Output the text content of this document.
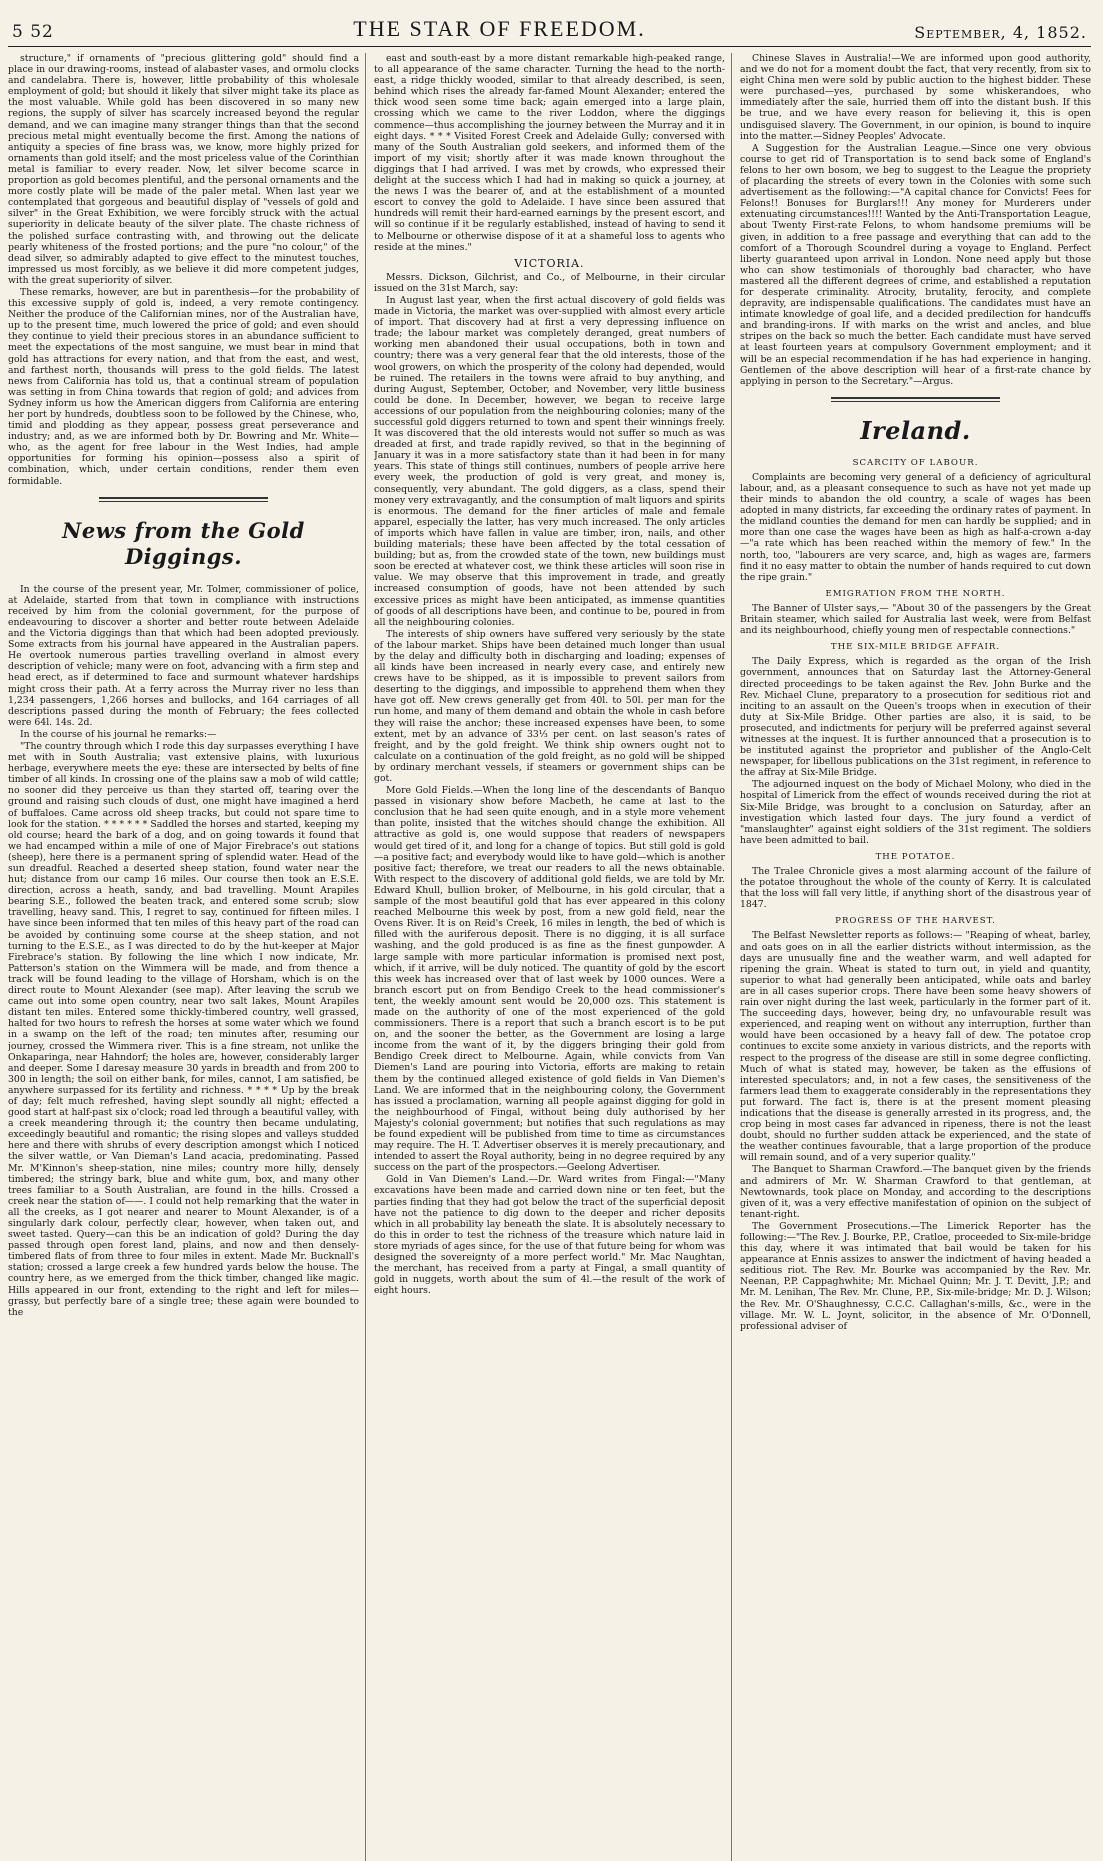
5 52	THE STAR OF FREEDOM.	September, 4, 1852.

structure," if ornaments of "precious glittering gold" should find a place in our drawing-rooms, instead of alabaster vases, and ormolu clocks and candelabra. There is, however, little probability of this wholesale employment of gold; but should it likely that silver might take its place as the most valuable. While gold has been discovered in so many new regions, the supply of silver has scarcely increased beyond the regular demand, and we can imagine many stranger things than that the second precious metal might eventually become the first. Among the nations of antiquity a species of fine brass was, we know, more highly prized for ornaments than gold itself; and the most priceless value of the Corinthian metal is familiar to every reader. Now, let silver become scarce in proportion as gold becomes plentiful, and the personal ornaments and the more costly plate will be made of the paler metal. When last year we contemplated that gorgeous and beautiful display of "vessels of gold and silver" in the Great Exhibition, we were forcibly struck with the actual superiority in delicate beauty of the silver plate. The chaste richness of the polished surface contrasting with, and throwing out the delicate pearly whiteness of the frosted portions; and the pure "no colour," of the dead silver, so admirably adapted to give effect to the minutest touches, impressed us most forcibly, as we believe it did more competent judges, with the great superiority of silver.

These remarks, however, are but in parenthesis—for the probability of this excessive supply of gold is, indeed, a very remote contingency. Neither the produce of the Californian mines, nor of the Australian have, up to the present time, much lowered the price of gold; and even should they continue to yield their precious stores in an abundance sufficient to meet the expectations of the most sanguine, we must bear in mind that gold has attractions for every nation, and that from the east, and west, and farthest north, thousands will press to the gold fields. The latest news from California has told us, that a continual stream of population was setting in from China towards that region of gold; and advices from Sydney inform us how the American diggers from California are entering her port by hundreds, doubtless soon to be followed by the Chinese, who, timid and plodding as they appear, possess great perseverance and industry; and, as we are informed both by Dr. Bowring and Mr. White—who, as the agent for free labour in the West Indies, had ample opportunities for forming his opinion—possess also a spirit of combination, which, under certain conditions, render them even formidable.

News from the Gold Diggings.

In the course of the present year, Mr. Tolmer, commissioner of police, at Adelaide, started from that town in compliance with instructions received by him from the colonial government, for the purpose of endeavouring to discover a shorter and better route between Adelaide and the Victoria diggings than that which had been adopted previously. Some extracts from his journal have appeared in the Australian papers. He overtook numerous parties travelling overland in almost every description of vehicle; many were on foot, advancing with a firm step and head erect, as if determined to face and surmount whatever hardships might cross their path. At a ferry across the Murray river no less than 1,234 passengers, 1,266 horses and bullocks, and 164 carriages of all descriptions passed during the month of February; the fees collected were 64l. 14s. 2d.

In the course of his journal he remarks:—

"The country through which I rode this day surpasses everything I have met with in South Australia; vast extensive plains, with luxurious herbage, everywhere meets the eye: these are intersected by belts of fine timber of all kinds. In crossing one of the plains saw a mob of wild cattle; no sooner did they perceive us than they started off, tearing over the ground and raising such clouds of dust, one might have imagined a herd of buffaloes. Came across old sheep tracks, but could not spare time to look for the station. * * * * * * Saddled the horses and started, keeping my old course; heard the bark of a dog, and on going towards it found that we had encamped within a mile of one of Major Firebrace's out stations (sheep), here there is a permanent spring of splendid water. Head of the sun dreadful. Reached a deserted sheep station, found water near the hut; distance from our camp 16 miles. Our course then took an E.S.E. direction, across a heath, sandy, and bad travelling. Mount Arapiles bearing S.E., followed the beaten track, and entered some scrub; slow travelling, heavy sand. This, I regret to say, continued for fifteen miles. I have since been informed that ten miles of this heavy part of the road can be avoided by continuing some course at the sheep station, and not turning to the E.S.E., as I was directed to do by the hut-keeper at Major Firebrace's station. By following the line which I now indicate, Mr. Patterson's station on the Wimmera will be made, and from thence a track will be found leading to the village of Horsham, which is on the direct route to Mount Alexander (see map). After leaving the scrub we came out into some open country, near two salt lakes, Mount Arapiles distant ten miles. Entered some thickly-timbered country, well grassed, halted for two hours to refresh the horses at some water which we found in a swamp on the left of the road; ten minutes after, resuming our journey, crossed the Wimmera river. This is a fine stream, not unlike the Onkaparinga, near Hahndorf; the holes are, however, considerably larger and deeper. Some I daresay measure 30 yards in breadth and from 200 to 300 in length; the soil on either bank, for miles, cannot, I am satisfied, be anywhere surpassed for its fertility and richness. * * * * Up by the break of day; felt much refreshed, having slept soundly all night; effected a good start at half-past six o'clock; road led through a beautiful valley, with a creek meandering through it; the country then became undulating, exceedingly beautiful and romantic; the rising slopes and valleys studded here and there with shrubs of every description amongst which I noticed the silver wattle, or Van Dieman's Land acacia, predominating. Passed Mr. M'Kinnon's sheep-station, nine miles; country more hilly, densely timbered; the stringy bark, blue and white gum, box, and many other trees familiar to a South Australian, are found in the hills. Crossed a creek near the station of——. I could not help remarking that the water in all the creeks, as I got nearer and nearer to Mount Alexander, is of a singularly dark colour, perfectly clear, however, when taken out, and sweet tasted. Query—can this be an indication of gold? During the day passed through open forest land, plains, and now and then densely-timbered flats of from three to four miles in extent. Made Mr. Bucknall's station; crossed a large creek a few hundred yards below the house. The country here, as we emerged from the thick timber, changed like magic. Hills appeared in our front, extending to the right and left for miles—grassy, but perfectly bare of a single tree; these again were bounded to the

east and south-east by a more distant remarkable high-peaked range, to all appearance of the same character. Turning the head to the north-east, a ridge thickly wooded, similar to that already described, is seen, behind which rises the already far-famed Mount Alexander; entered the thick wood seen some time back; again emerged into a large plain, crossing which we came to the river Loddon, where the diggings commence—thus accomplishing the journey between the Murray and it in eight days. * * * Visited Forest Creek and Adelaide Gully; conversed with many of the South Australian gold seekers, and informed them of the import of my visit; shortly after it was made known throughout the diggings that I had arrived. I was met by crowds, who expressed their delight at the success which I had had in making so quick a journey, at the news I was the bearer of, and at the establishment of a mounted escort to convey the gold to Adelaide. I have since been assured that hundreds will remit their hard-earned earnings by the present escort, and will so continue if it be regularly established, instead of having to send it to Melbourne or otherwise dispose of it at a shameful loss to agents who reside at the mines."

VICTORIA.

Messrs. Dickson, Gilchrist, and Co., of Melbourne, in their circular issued on the 31st March, say:

In August last year, when the first actual discovery of gold fields was made in Victoria, the market was over-supplied with almost every article of import. That discovery had at first a very depressing influence on trade; the labour market was completely deranged, great numbers of working men abandoned their usual occupations, both in town and country; there was a very general fear that the old interests, those of the wool growers, on which the prosperity of the colony had depended, would be ruined. The retailers in the towns were afraid to buy anything, and during August, September, October, and November, very little business could be done. In December, however, we began to receive large accessions of our population from the neighbouring colonies; many of the successful gold diggers returned to town and spent their winnings freely. It was discovered that the old interests would not suffer so much as was dreaded at first, and trade rapidly revived, so that in the beginning of January it was in a more satisfactory state than it had been in for many years. This state of things still continues, numbers of people arrive here every week, the production of gold is very great, and money is, consequently, very abundant. The gold diggers, as a class, spend their money very extravagantly, and the consumption of malt liquors and spirits is enormous. The demand for the finer articles of male and female apparel, especially the latter, has very much increased. The only articles of imports which have fallen in value are timber, iron, nails, and other building materials; these have been affected by the total cessation of building; but as, from the crowded state of the town, new buildings must soon be erected at whatever cost, we think these articles will soon rise in value. We may observe that this improvement in trade, and greatly increased consumption of goods, have not been attended by such excessive prices as might have been anticipated, as immense quantities of goods of all descriptions have been, and continue to be, poured in from all the neighbouring colonies.

The interests of ship owners have suffered very seriously by the state of the labour market. Ships have been detained much longer than usual by the delay and difficulty both in discharging and loading; expenses of all kinds have been increased in nearly every case, and entirely new crews have to be shipped, as it is impossible to prevent sailors from deserting to the diggings, and impossible to apprehend them when they have got off. New crews generally get from 40l. to 50l. per man for the run home, and many of them demand and obtain the whole in cash before they will raise the anchor; these increased expenses have been, to some extent, met by an advance of 33⅓ per cent. on last season's rates of freight, and by the gold freight. We think ship owners ought not to calculate on a continuation of the gold freight, as no gold will be shipped by ordinary merchant vessels, if steamers or government ships can be got.

More Gold Fields.—When the long line of the descendants of Banquo passed in visionary show before Macbeth, he came at last to the conclusion that he had seen quite enough, and in a style more vehement than polite, insisted that the witches should change the exhibition. All attractive as gold is, one would suppose that readers of newspapers would get tired of it, and long for a change of topics. But still gold is gold—a positive fact; and everybody would like to have gold—which is another positive fact; therefore, we treat our readers to all the news obtainable. With respect to the discovery of additional gold fields, we are told by Mr. Edward Khull, bullion broker, of Melbourne, in his gold circular, that a sample of the most beautiful gold that has ever appeared in this colony reached Melbourne this week by post, from a new gold field, near the Ovens River. It is on Reid's Creek, 16 miles in length, the bed of which is filled with the auriferous deposit. There is no digging, it is all surface washing, and the gold produced is as fine as the finest gunpowder. A large sample with more particular information is promised next post, which, if it arrive, will be duly noticed. The quantity of gold by the escort this week has increased over that of last week by 1000 ounces. Were a branch escort put on from Bendigo Creek to the head commissioner's tent, the weekly amount sent would be 20,000 ozs. This statement is made on the authority of one of the most experienced of the gold commissioners. There is a report that such a branch escort is to be put on, and the sooner the better, as the Government are losing a large income from the want of it, by the diggers bringing their gold from Bendigo Creek direct to Melbourne. Again, while convicts from Van Diemen's Land are pouring into Victoria, efforts are making to retain them by the continued alleged existence of gold fields in Van Diemen's Land. We are informed that in the neighbouring colony, the Government has issued a proclamation, warning all people against digging for gold in the neighbourhood of Fingal, without being duly authorised by her Majesty's colonial government; but notifies that such regulations as may be found expedient will be published from time to time as circumstances may require. The H. T. Advertiser observes it is merely precautionary, and intended to assert the Royal authority, being in no degree required by any success on the part of the prospectors.—Geelong Advertiser.

Gold in Van Diemen's Land.—Dr. Ward writes from Fingal:—"Many excavations have been made and carried down nine or ten feet, but the parties finding that they had got below the tract of the superficial deposit have not the patience to dig down to the deeper and richer deposits which in all probability lay beneath the slate. It is absolutely necessary to do this in order to test the richness of the treasure which nature laid in store myriads of ages since, for the use of that future being for whom was designed the sovereignty of a more perfect world." Mr. Mac Naughtan, the merchant, has received from a party at Fingal, a small quantity of gold in nuggets, worth about the sum of 4l.—the result of the work of eight hours.

Chinese Slaves in Australia!—We are informed upon good authority, and we do not for a moment doubt the fact, that very recently, from six to eight China men were sold by public auction to the highest bidder. These were purchased—yes, purchased by some whiskerandoes, who immediately after the sale, hurried them off into the distant bush. If this be true, and we have every reason for believing it, this is open undisguised slavery. The Government, in our opinion, is bound to inquire into the matter.—Sidney Peoples' Advocate.

A Suggestion for the Australian League.—Since one very obvious course to get rid of Transportation is to send back some of England's felons to her own bosom, we beg to suggest to the League the propriety of placarding the streets of every town in the Colonies with some such advertisement as the following:—"A capital chance for Convicts! Fees for Felons!! Bonuses for Burglars!!! Any money for Murderers under extenuating circumstances!!!! Wanted by the Anti-Transportation League, about Twenty First-rate Felons, to whom handsome premiums will be given, in addition to a free passage and everything that can add to the comfort of a Thorough Scoundrel during a voyage to England. Perfect liberty guaranteed upon arrival in London. None need apply but those who can show testimonials of thoroughly bad character, who have mastered all the different degrees of crime, and established a reputation for desperate criminality. Atrocity, brutality, ferocity, and complete depravity, are indispensable qualifications. The candidates must have an intimate knowledge of goal life, and a decided predilection for handcuffs and branding-irons. If with marks on the wrist and ancles, and blue stripes on the back so much the better. Each candidate must have served at least fourteen years at compulsory Government employment; and it will be an especial recommendation if he has had experience in hanging. Gentlemen of the above description will hear of a first-rate chance by applying in person to the Secretary."—Argus.

Ireland.
SCARCITY OF LABOUR.

Complaints are becoming very general of a deficiency of agricultural labour, and, as a pleasant consequence to such as have not yet made up their minds to abandon the old country, a scale of wages has been adopted in many districts, far exceeding the ordinary rates of payment. In the midland counties the demand for men can hardly be supplied; and in more than one case the wages have been as high as half-a-crown a-day—"a rate which has been reached within the memory of few." In the north, too, "labourers are very scarce, and, high as wages are, farmers find it no easy matter to obtain the number of hands required to cut down the ripe grain."

EMIGRATION FROM THE NORTH.

The Banner of Ulster says,— "About 30 of the passengers by the Great Britain steamer, which sailed for Australia last week, were from Belfast and its neighbourhood, chiefly young men of respectable connections."

THE SIX-MILE BRIDGE AFFAIR.

The Daily Express, which is regarded as the organ of the Irish government, announces that on Saturday last the Attorney-General directed proceedings to be taken against the Rev. John Burke and the Rev. Michael Clune, preparatory to a prosecution for seditious riot and inciting to an assault on the Queen's troops when in execution of their duty at Six-Mile Bridge. Other parties are also, it is said, to be prosecuted, and indictments for perjury will be preferred against several witnesses at the inquest. It is further announced that a prosecution is to be instituted against the proprietor and publisher of the Anglo-Celt newspaper, for libellous publications on the 31st regiment, in reference to the affray at Six-Mile Bridge.

The adjourned inquest on the body of Michael Molony, who died in the hospital of Limerick from the effect of wounds received during the riot at Six-Mile Bridge, was brought to a conclusion on Saturday, after an investigation which lasted four days. The jury found a verdict of "manslaughter" against eight soldiers of the 31st regiment. The soldiers have been admitted to bail.

THE POTATOE.

The Tralee Chronicle gives a most alarming account of the failure of the potatoe throughout the whole of the county of Kerry. It is calculated that the loss will fall very little, if anything short of the disastrous year of 1847.

PROGRESS OF THE HARVEST.

The Belfast Newsletter reports as follows:— "Reaping of wheat, barley, and oats goes on in all the earlier districts without intermission, as the days are unusually fine and the weather warm, and well adapted for ripening the grain. Wheat is stated to turn out, in yield and quantity, superior to what had generally been anticipated, while oats and barley are in all cases superior crops. There have been some heavy showers of rain over night during the last week, particularly in the former part of it. The succeeding days, however, being dry, no unfavourable result was experienced, and reaping went on without any interruption, further than would have been occasioned by a heavy fall of dew. The potatoe crop continues to excite some anxiety in various districts, and the reports with respect to the progress of the disease are still in some degree conflicting. Much of what is stated may, however, be taken as the effusions of interested speculators; and, in not a few cases, the sensitiveness of the farmers lead them to exaggerate considerably in the representations they put forward. The fact is, there is at the present moment pleasing indications that the disease is generally arrested in its progress, and, the crop being in most cases far advanced in ripeness, there is not the least doubt, should no further sudden attack be experienced, and the state of the weather continues favourable, that a large proportion of the produce will remain sound, and of a very superior quality."

The Banquet to Sharman Crawford.—The banquet given by the friends and admirers of Mr. W. Sharman Crawford to that gentleman, at Newtownards, took place on Monday, and according to the descriptions given of it, was a very effective manifestation of opinion on the subject of tenant-right.

The Government Prosecutions.—The Limerick Reporter has the following:—"The Rev. J. Bourke, P.P., Cratloe, proceeded to Six-mile-bridge this day, where it was intimated that bail would be taken for his appearance at Ennis assizes to answer the indictment of having headed a seditious riot. The Rev. Mr. Bourke was accompanied by the Rev. Mr. Neenan, P.P. Cappaghwhite; Mr. Michael Quinn; Mr. J. T. Devitt, J.P.; and Mr. M. Lenihan, The Rev. Mr. Clune, P.P., Six-mile-bridge; Mr. D. J. Wilson; the Rev. Mr. O'Shaughnessy, C.C.C. Callaghan's-mills, &c., were in the village. Mr. W. L. Joynt, solicitor, in the absence of Mr. O'Donnell, professional adviser of
